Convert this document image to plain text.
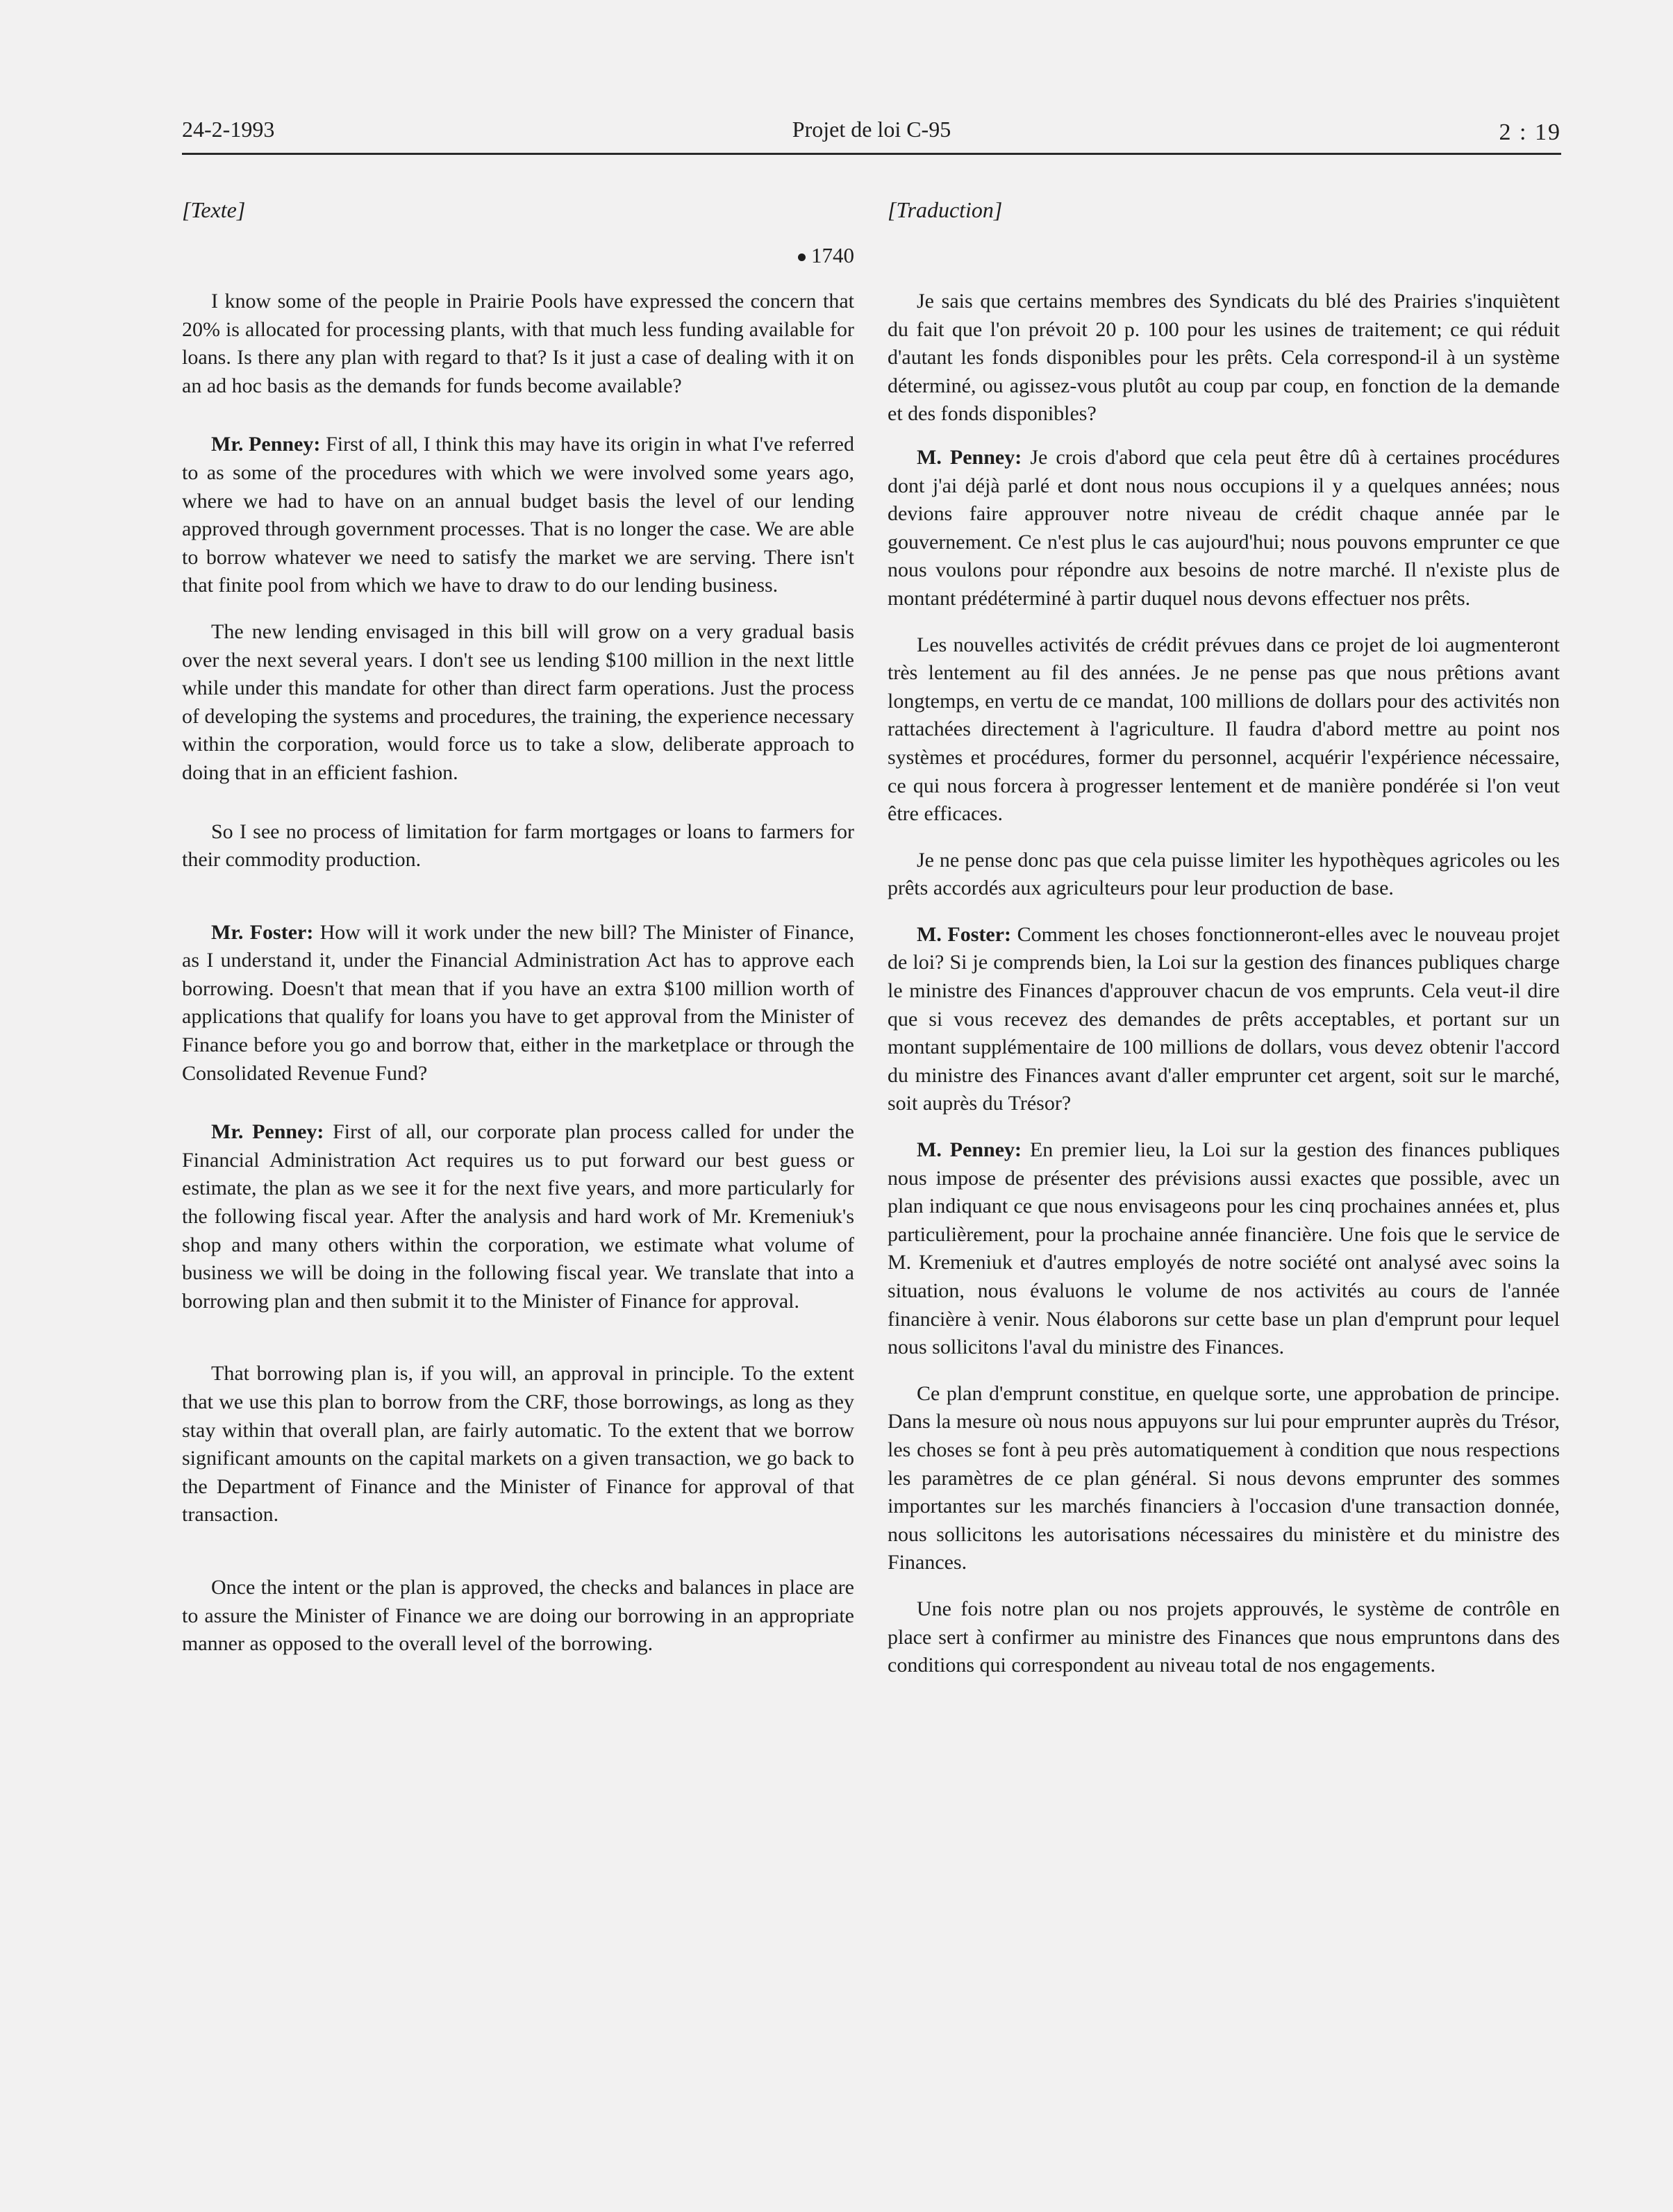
24-2-1993	Projet de loi C-95	2 : 19
[Texte]
1740

I know some of the people in Prairie Pools have expressed the concern that 20% is allocated for processing plants, with that much less funding available for loans. Is there any plan with regard to that? Is it just a case of dealing with it on an ad hoc basis as the demands for funds become available?

Mr. Penney: First of all, I think this may have its origin in what I've referred to as some of the procedures with which we were involved some years ago, where we had to have on an annual budget basis the level of our lending approved through government processes. That is no longer the case. We are able to borrow whatever we need to satisfy the market we are serving. There isn't that finite pool from which we have to draw to do our lending business.

The new lending envisaged in this bill will grow on a very gradual basis over the next several years. I don't see us lending $100 million in the next little while under this mandate for other than direct farm operations. Just the process of developing the systems and procedures, the training, the experience necessary within the corporation, would force us to take a slow, deliberate approach to doing that in an efficient fashion.

So I see no process of limitation for farm mortgages or loans to farmers for their commodity production.

Mr. Foster: How will it work under the new bill? The Minister of Finance, as I understand it, under the Financial Administration Act has to approve each borrowing. Doesn't that mean that if you have an extra $100 million worth of applications that qualify for loans you have to get approval from the Minister of Finance before you go and borrow that, either in the marketplace or through the Consolidated Revenue Fund?

Mr. Penney: First of all, our corporate plan process called for under the Financial Administration Act requires us to put forward our best guess or estimate, the plan as we see it for the next five years, and more particularly for the following fiscal year. After the analysis and hard work of Mr. Kremeniuk's shop and many others within the corporation, we estimate what volume of business we will be doing in the following fiscal year. We translate that into a borrowing plan and then submit it to the Minister of Finance for approval.

That borrowing plan is, if you will, an approval in principle. To the extent that we use this plan to borrow from the CRF, those borrowings, as long as they stay within that overall plan, are fairly automatic. To the extent that we borrow significant amounts on the capital markets on a given transaction, we go back to the Department of Finance and the Minister of Finance for approval of that transaction.

Once the intent or the plan is approved, the checks and balances in place are to assure the Minister of Finance we are doing our borrowing in an appropriate manner as opposed to the overall level of the borrowing.

[Traduction]

Je sais que certains membres des Syndicats du blé des Prairies s'inquiètent du fait que l'on prévoit 20 p. 100 pour les usines de traitement; ce qui réduit d'autant les fonds disponibles pour les prêts. Cela correspond-il à un système déterminé, ou agissez-vous plutôt au coup par coup, en fonction de la demande et des fonds disponibles?

M. Penney: Je crois d'abord que cela peut être dû à certaines procédures dont j'ai déjà parlé et dont nous nous occupions il y a quelques années; nous devions faire approuver notre niveau de crédit chaque année par le gouvernement. Ce n'est plus le cas aujourd'hui; nous pouvons emprunter ce que nous voulons pour répondre aux besoins de notre marché. Il n'existe plus de montant prédéterminé à partir duquel nous devons effectuer nos prêts.

Les nouvelles activités de crédit prévues dans ce projet de loi augmenteront très lentement au fil des années. Je ne pense pas que nous prêtions avant longtemps, en vertu de ce mandat, 100 millions de dollars pour des activités non rattachées directement à l'agriculture. Il faudra d'abord mettre au point nos systèmes et procédures, former du personnel, acquérir l'expérience nécessaire, ce qui nous forcera à progresser lentement et de manière pondérée si l'on veut être efficaces.

Je ne pense donc pas que cela puisse limiter les hypothèques agricoles ou les prêts accordés aux agriculteurs pour leur production de base.

M. Foster: Comment les choses fonctionneront-elles avec le nouveau projet de loi? Si je comprends bien, la Loi sur la gestion des finances publiques charge le ministre des Finances d'approuver chacun de vos emprunts. Cela veut-il dire que si vous recevez des demandes de prêts acceptables, et portant sur un montant supplémentaire de 100 millions de dollars, vous devez obtenir l'accord du ministre des Finances avant d'aller emprunter cet argent, soit sur le marché, soit auprès du Trésor?

M. Penney: En premier lieu, la Loi sur la gestion des finances publiques nous impose de présenter des prévisions aussi exactes que possible, avec un plan indiquant ce que nous envisageons pour les cinq prochaines années et, plus particulièrement, pour la prochaine année financière. Une fois que le service de M. Kremeniuk et d'autres employés de notre société ont analysé avec soins la situation, nous évaluons le volume de nos activités au cours de l'année financière à venir. Nous élaborons sur cette base un plan d'emprunt pour lequel nous sollicitons l'aval du ministre des Finances.

Ce plan d'emprunt constitue, en quelque sorte, une approbation de principe. Dans la mesure où nous nous appuyons sur lui pour emprunter auprès du Trésor, les choses se font à peu près automatiquement à condition que nous respections les paramètres de ce plan général. Si nous devons emprunter des sommes importantes sur les marchés financiers à l'occasion d'une transaction donnée, nous sollicitons les autorisations nécessaires du ministère et du ministre des Finances.

Une fois notre plan ou nos projets approuvés, le système de contrôle en place sert à confirmer au ministre des Finances que nous empruntons dans des conditions qui correspondent au niveau total de nos engagements.
